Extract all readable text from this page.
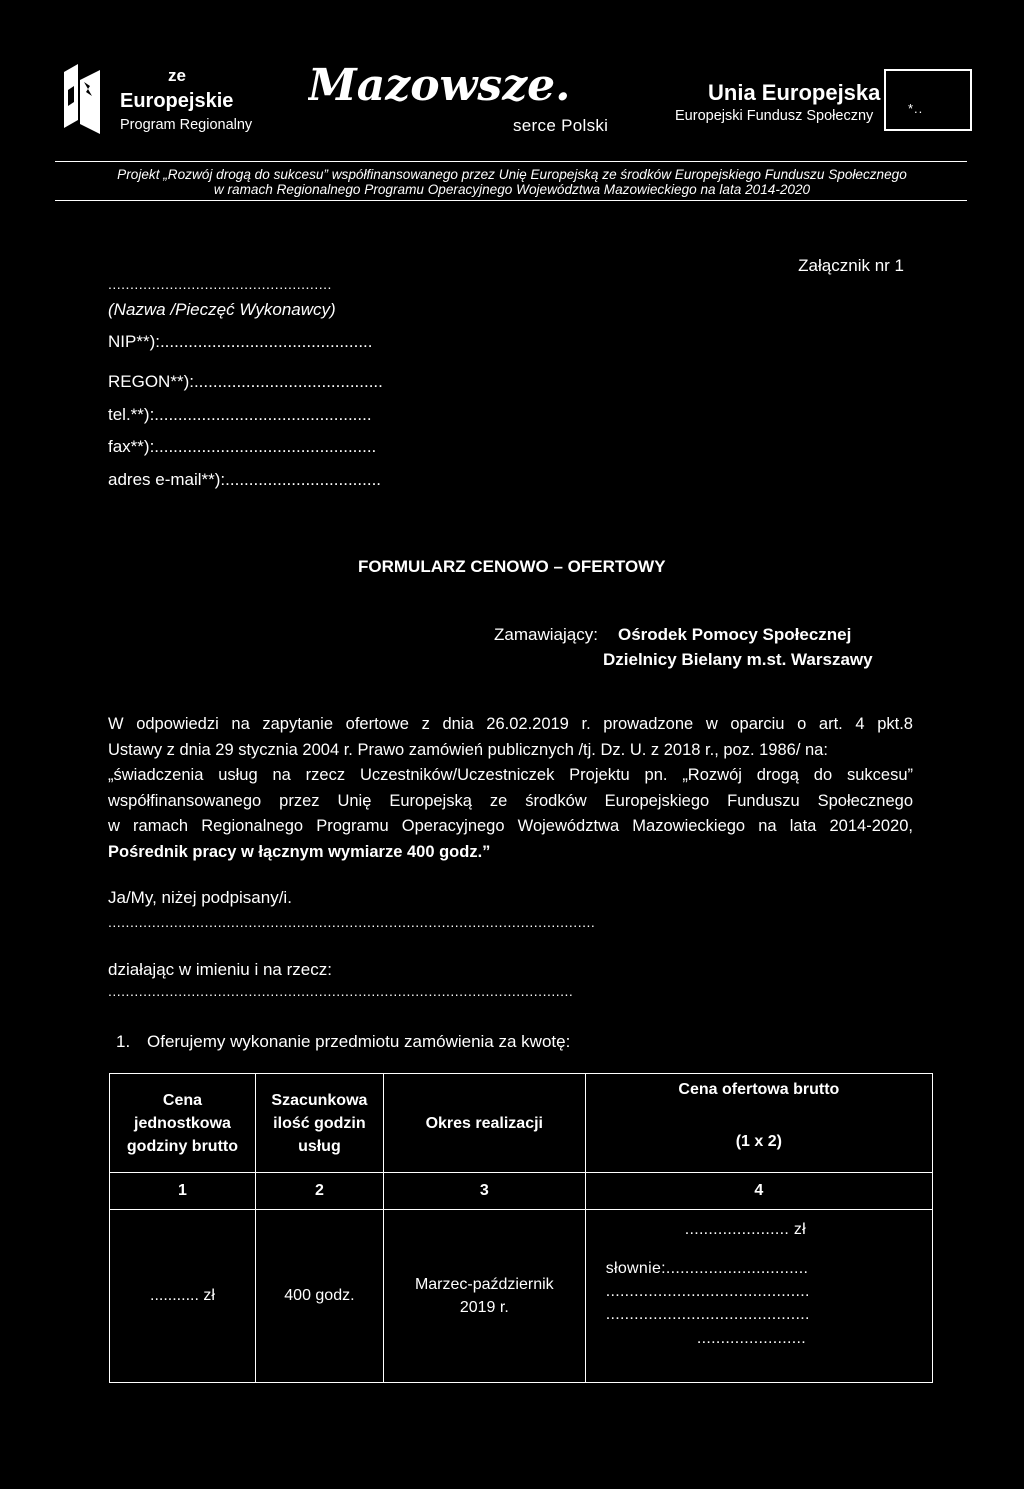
ze
Europejskie
Program Regionalny
Mazowsze.
serce Polski
Unia Europejska
Europejski Fundusz Społeczny	*..
Projekt „Rozwój drogą do sukcesu” współfinansowanego przez Unię Europejską ze środków Europejskiego Funduszu Społecznego
w ramach Regionalnego Programu Operacyjnego Województwa Mazowieckiego na lata 2014-2020
Załącznik nr 1
...................................................
(Nazwa /Pieczęć Wykonawcy)
NIP**):.............................................
REGON**):........................................
tel.**):..............................................
fax**):...............................................
adres e-mail**):.................................
FORMULARZ CENOWO – OFERTOWY
Zamawiający: Ośrodek Pomocy Społecznej
Dzielnicy Bielany m.st. Warszawy
W odpowiedzi na zapytanie ofertowe z dnia 26.02.2019 r. prowadzone w oparciu o art. 4 pkt.8
Ustawy z dnia 29 stycznia 2004 r. Prawo zamówień publicznych /tj. Dz. U. z 2018 r., poz. 1986/ na:
„świadczenia usług na rzecz Uczestników/Uczestniczek Projektu pn. „Rozwój drogą do sukcesu”
współfinansowanego przez Unię Europejską ze środków Europejskiego Funduszu Społecznego
w ramach Regionalnego Programu Operacyjnego Województwa Mazowieckiego na lata 2014-2020,
Pośrednik pracy w łącznym wymiarze 400 godz.”
Ja/My, niżej podpisany/i.
...............................................................................................................
działając w imieniu i na rzecz:
..........................................................................................................
1. Oferujemy wykonanie przedmiotu zamówienia za kwotę:
Cena jednostkowa godziny brutto	Szacunkowa ilość godzin usług	Okres realizacji	Cena ofertowa brutto
(1 x 2)

1	2	3	4
........... zł	400 godz.	Marzec-październik 2019 r.	...................... zł
słownie:..............................
...........................................
...........................................
.......................
